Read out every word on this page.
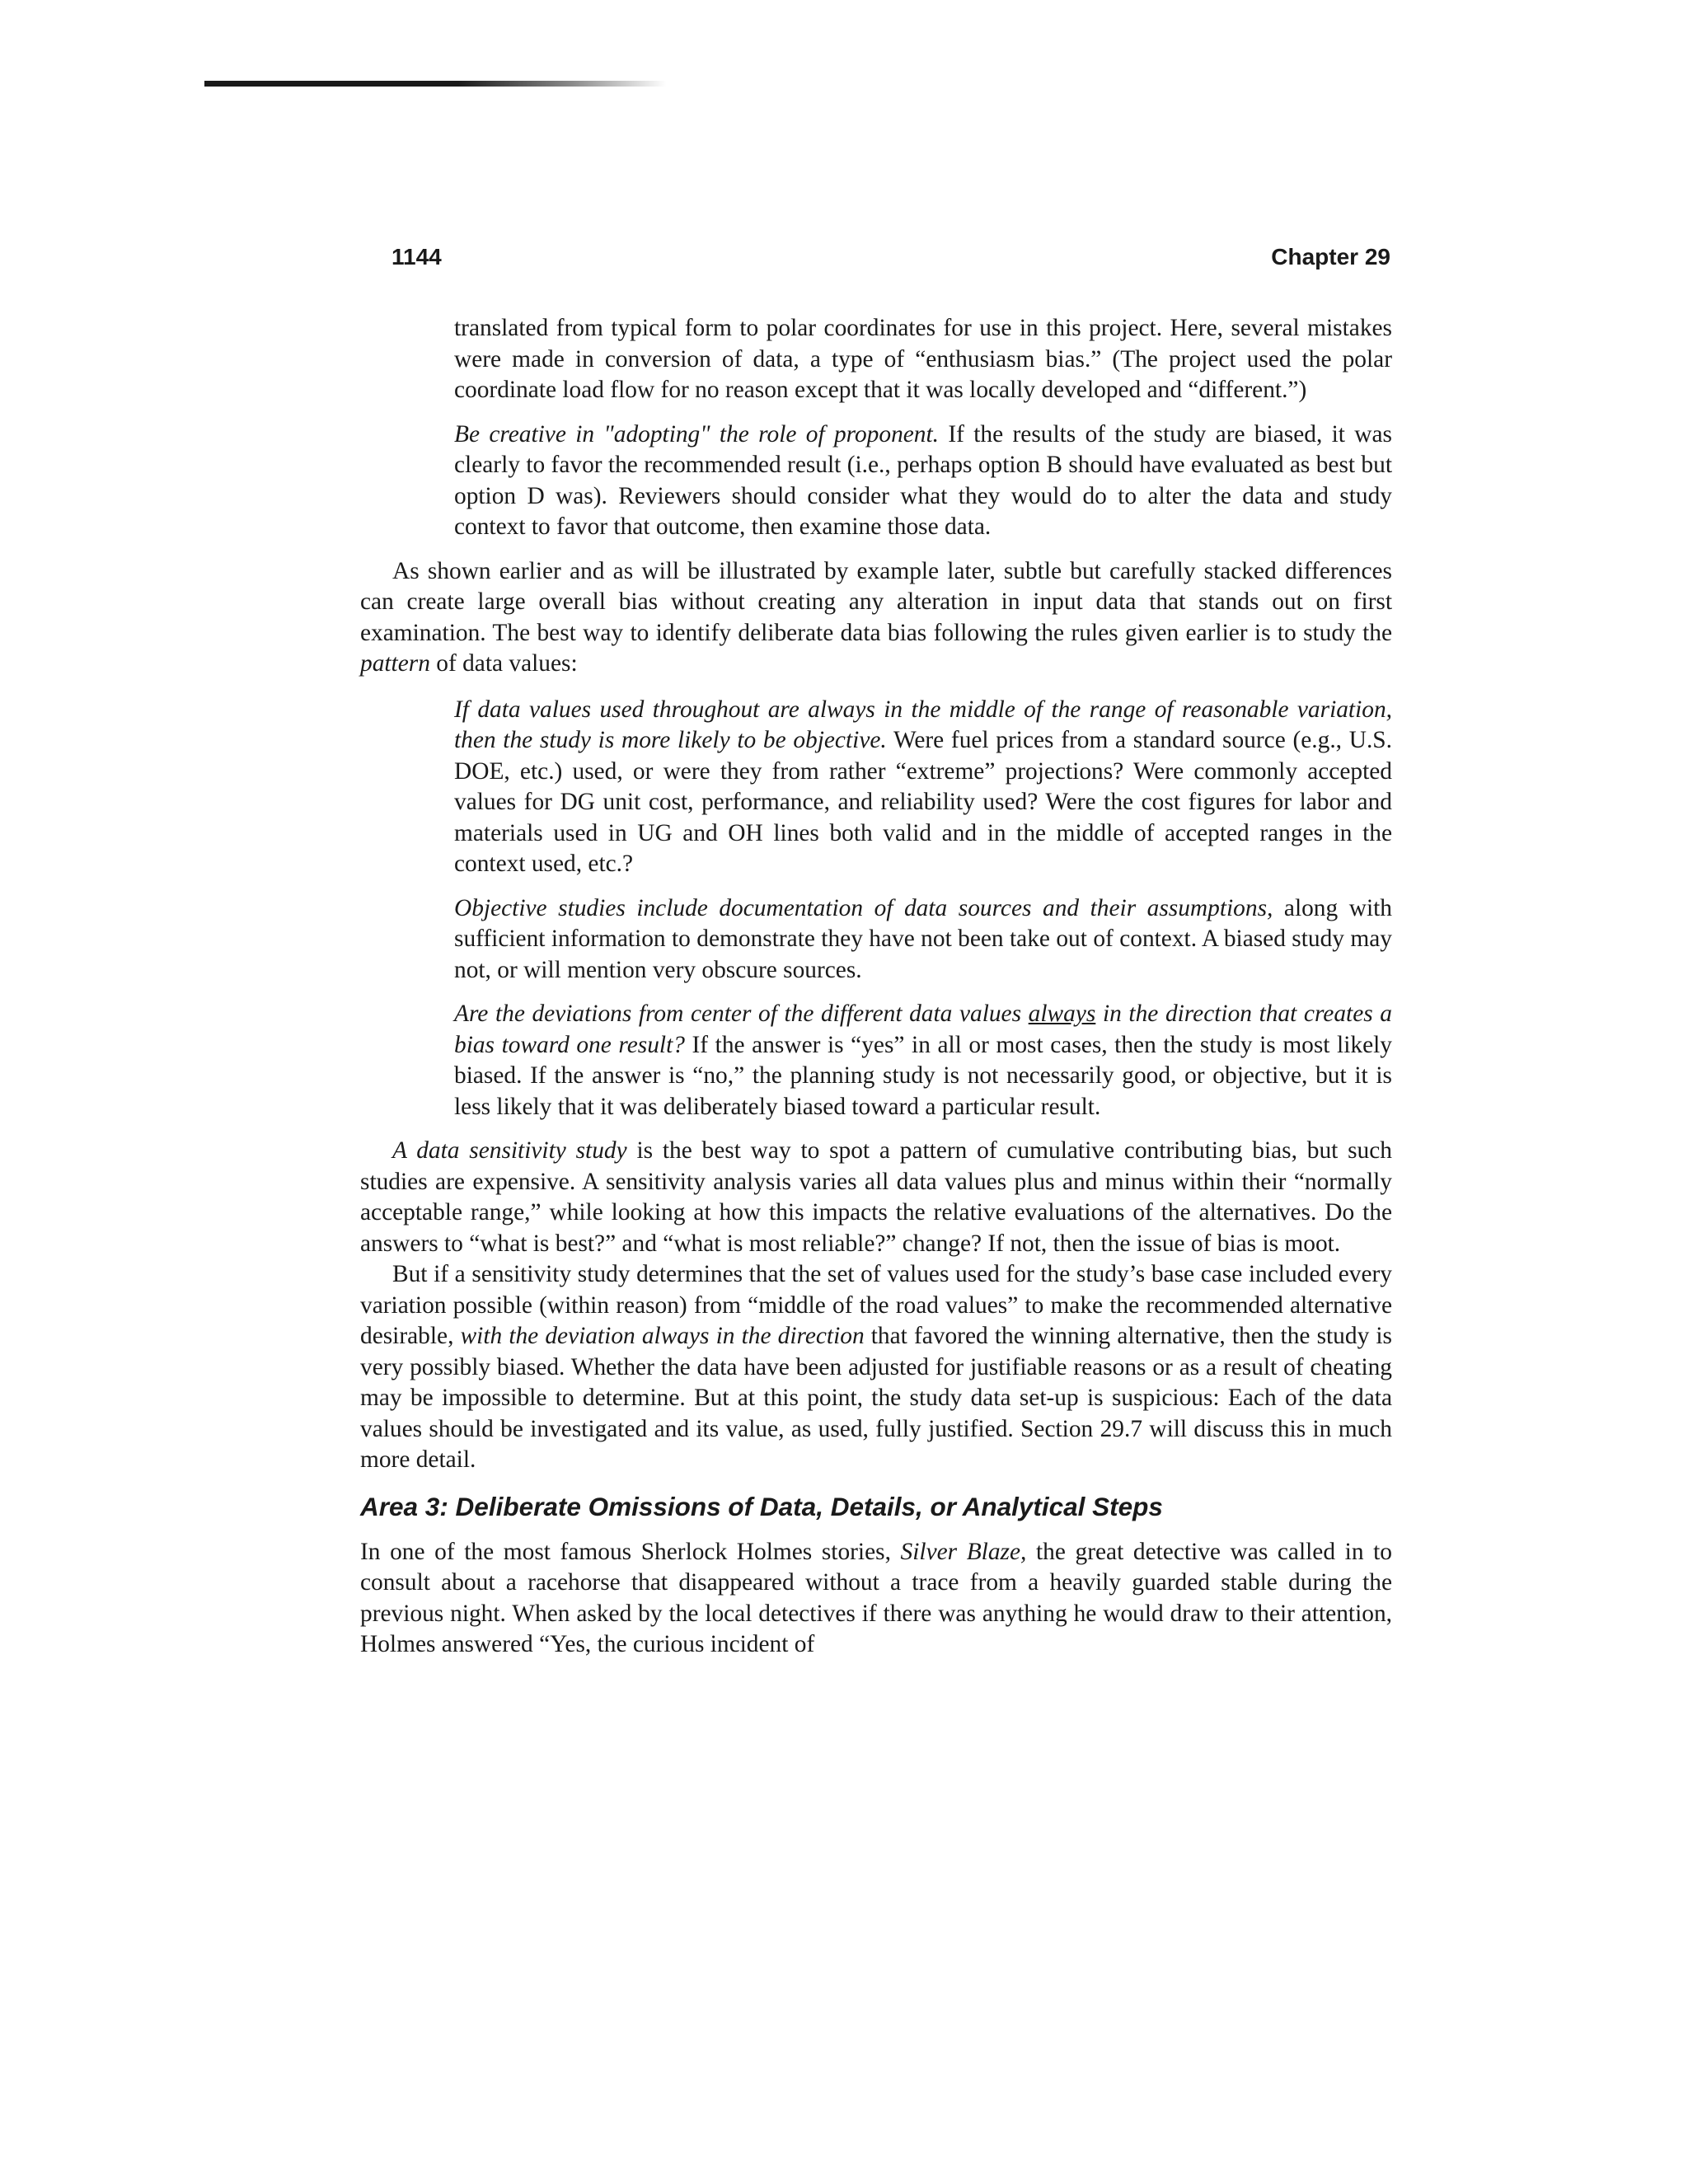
1144	Chapter 29

translated from typical form to polar coordinates for use in this project. Here, several mistakes were made in conversion of data, a type of “enthusiasm bias.” (The project used the polar coordinate load flow for no reason except that it was locally developed and “different.”)

Be creative in "adopting" the role of proponent. If the results of the study are biased, it was clearly to favor the recommended result (i.e., perhaps option B should have evaluated as best but option D was). Reviewers should consider what they would do to alter the data and study context to favor that outcome, then examine those data.

As shown earlier and as will be illustrated by example later, subtle but carefully stacked differences can create large overall bias without creating any alteration in input data that stands out on first examination. The best way to identify deliberate data bias following the rules given earlier is to study the pattern of data values:

If data values used throughout are always in the middle of the range of reasonable variation, then the study is more likely to be objective. Were fuel prices from a standard source (e.g., U.S. DOE, etc.) used, or were they from rather “extreme” projections? Were commonly accepted values for DG unit cost, performance, and reliability used? Were the cost figures for labor and materials used in UG and OH lines both valid and in the middle of accepted ranges in the context used, etc.?

Objective studies include documentation of data sources and their assumptions, along with sufficient information to demonstrate they have not been take out of context. A biased study may not, or will mention very obscure sources.

Are the deviations from center of the different data values always in the direction that creates a bias toward one result? If the answer is “yes” in all or most cases, then the study is most likely biased. If the answer is “no,” the planning study is not necessarily good, or objective, but it is less likely that it was deliberately biased toward a particular result.

A data sensitivity study is the best way to spot a pattern of cumulative contributing bias, but such studies are expensive. A sensitivity analysis varies all data values plus and minus within their “normally acceptable range,” while looking at how this impacts the relative evaluations of the alternatives. Do the answers to “what is best?” and “what is most reliable?” change? If not, then the issue of bias is moot.

But if a sensitivity study determines that the set of values used for the study’s base case included every variation possible (within reason) from “middle of the road values” to make the recommended alternative desirable, with the deviation always in the direction that favored the winning alternative, then the study is very possibly biased. Whether the data have been adjusted for justifiable reasons or as a result of cheating may be impossible to determine. But at this point, the study data set-up is suspicious: Each of the data values should be investigated and its value, as used, fully justified. Section 29.7 will discuss this in much more detail.

Area 3: Deliberate Omissions of Data, Details, or Analytical Steps

In one of the most famous Sherlock Holmes stories, Silver Blaze, the great detective was called in to consult about a racehorse that disappeared without a trace from a heavily guarded stable during the previous night. When asked by the local detectives if there was anything he would draw to their attention, Holmes answered “Yes, the curious incident of
